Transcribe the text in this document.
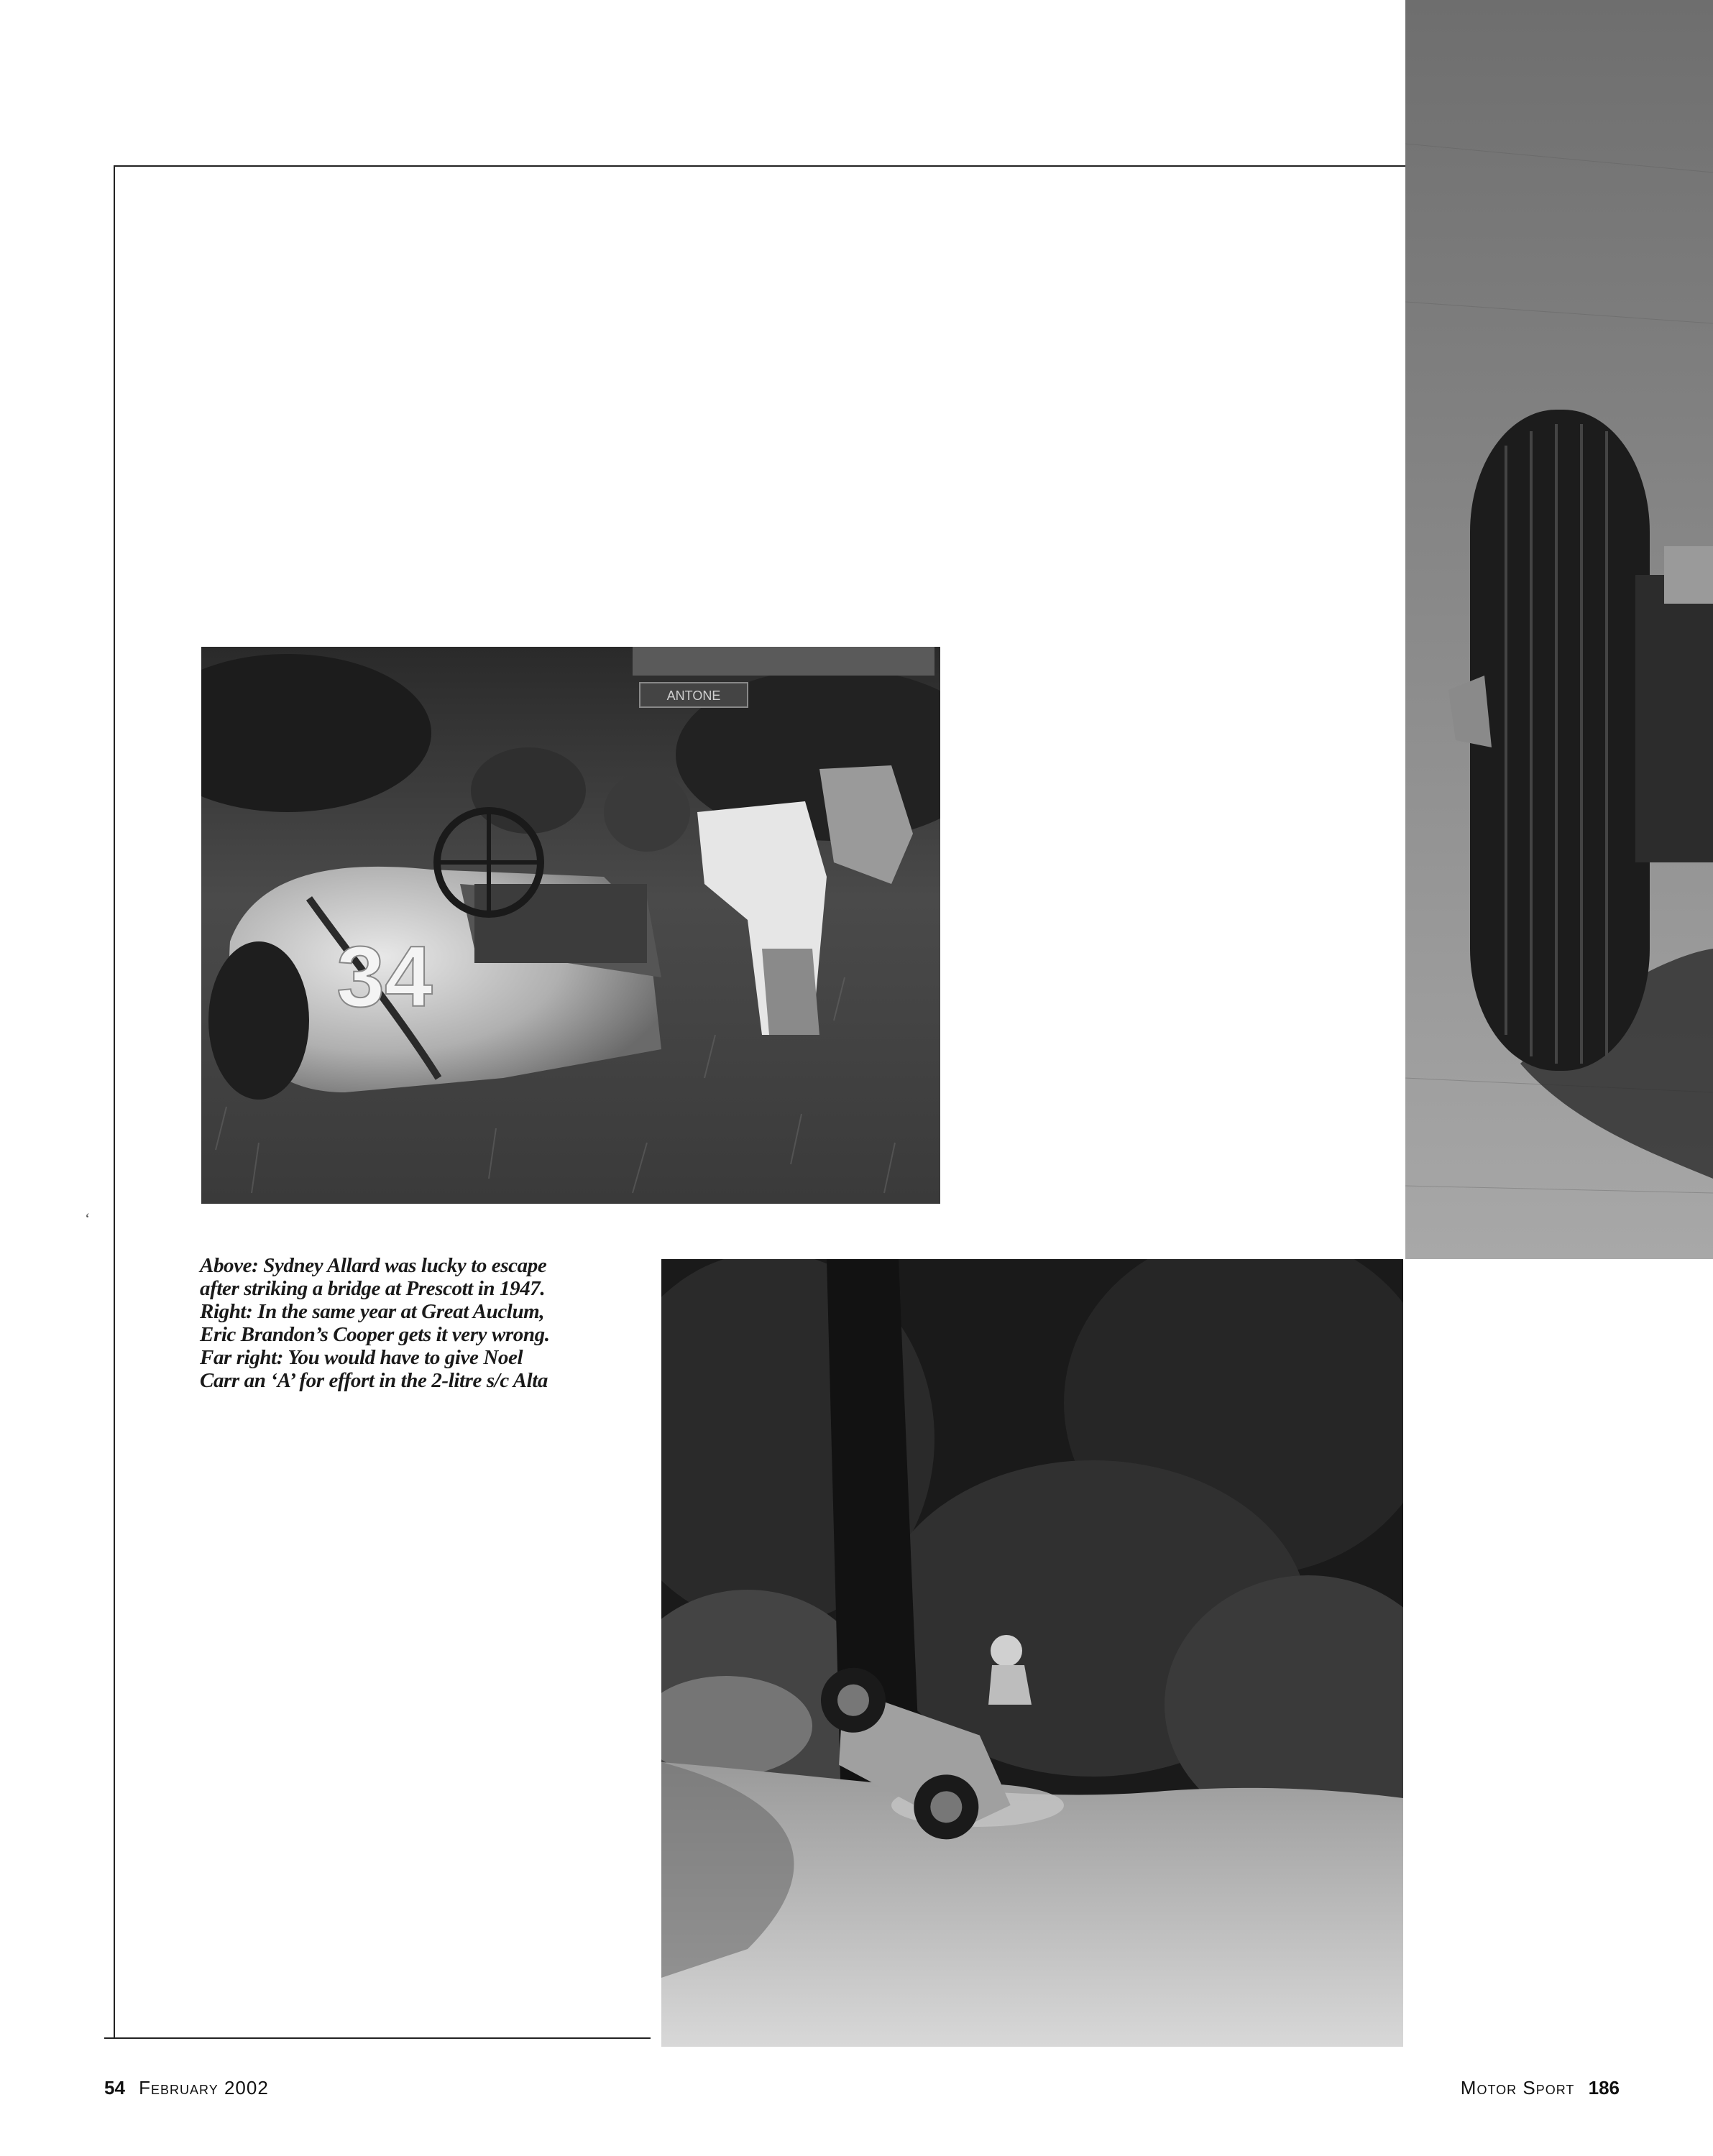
ANTONE
34
‘
Above: Sydney Allard was lucky to escape
after striking a bridge at Prescott in 1947.
Right: In the same year at Great Auclum,
Eric Brandon’s Cooper gets it very wrong.
Far right: You would have to give Noel
Carr an ‘A’ for effort in the 2-litre s/c Alta
54 February 2002	Motor Sport 186
